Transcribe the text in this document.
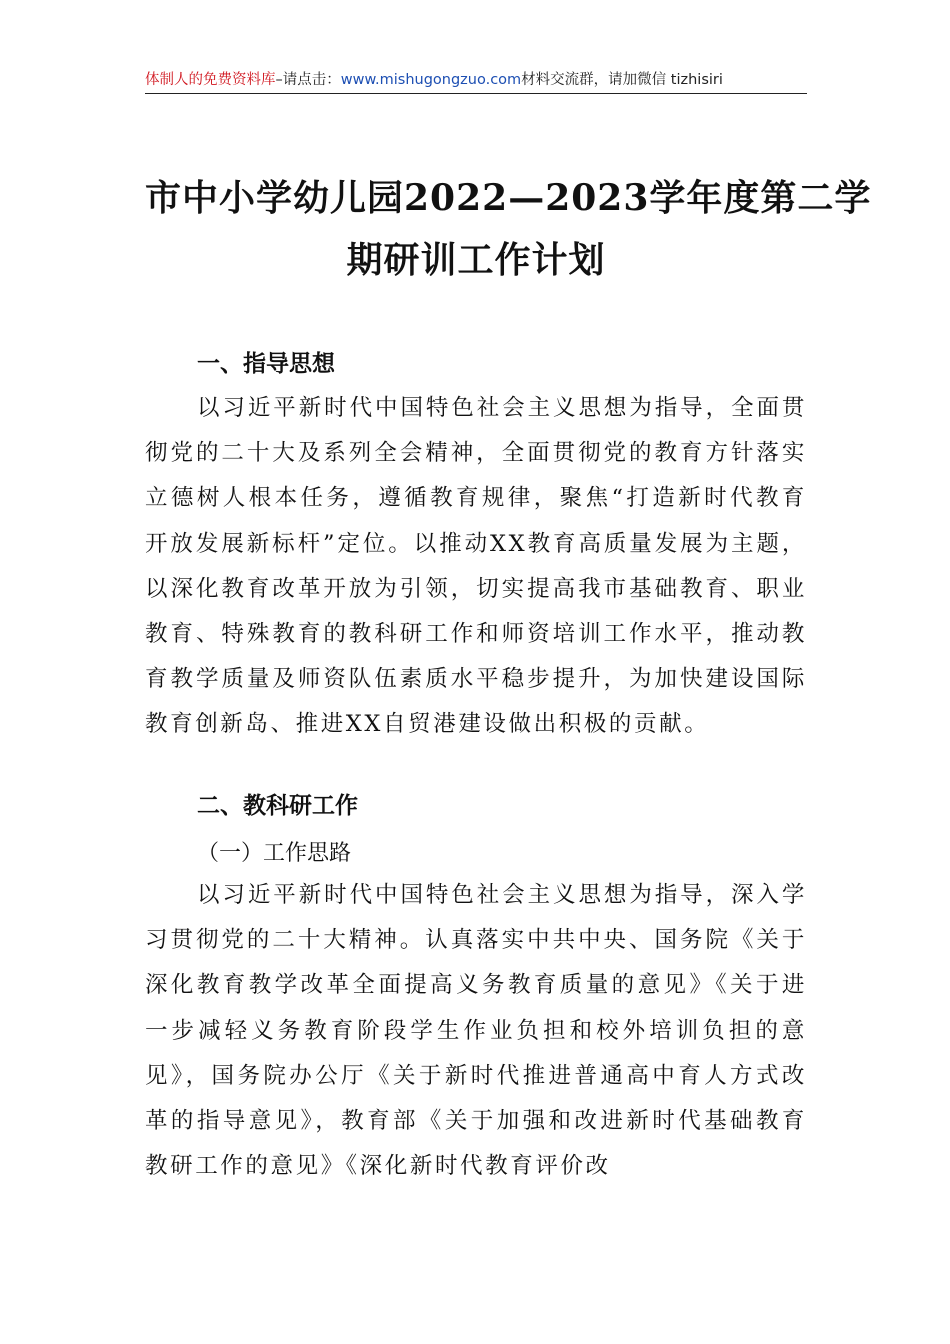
体制人的免费资料库–请点击：www.mishugongzuo.com材料交流群，请加微信 tizhisiri
市中小学幼儿园2022—2023学年度第二学
期研训工作计划
一、指导思想
以习近平新时代中国特色社会主义思想为指导，全面贯彻党的二十大及系列全会精神，全面贯彻党的教育方针落实立德树人根本任务，遵循教育规律，聚焦“打造新时代教育开放发展新标杆”定位。以推动XX教育高质量发展为主题，以深化教育改革开放为引领，切实提高我市基础教育、职业教育、特殊教育的教科研工作和师资培训工作水平，推动教育教学质量及师资队伍素质水平稳步提升，为加快建设国际教育创新岛、推进XX自贸港建设做出积极的贡献。
二、教科研工作
（一）工作思路
以习近平新时代中国特色社会主义思想为指导，深入学习贯彻党的二十大精神。认真落实中共中央、国务院《关于深化教育教学改革全面提高义务教育质量的意见》《关于进一步减轻义务教育阶段学生作业负担和校外培训负担的意见》，国务院办公厅《关于新时代推进普通高中育人方式改革的指导意见》，教育部《关于加强和改进新时代基础教育教研工作的意见》《深化新时代教育评价改
